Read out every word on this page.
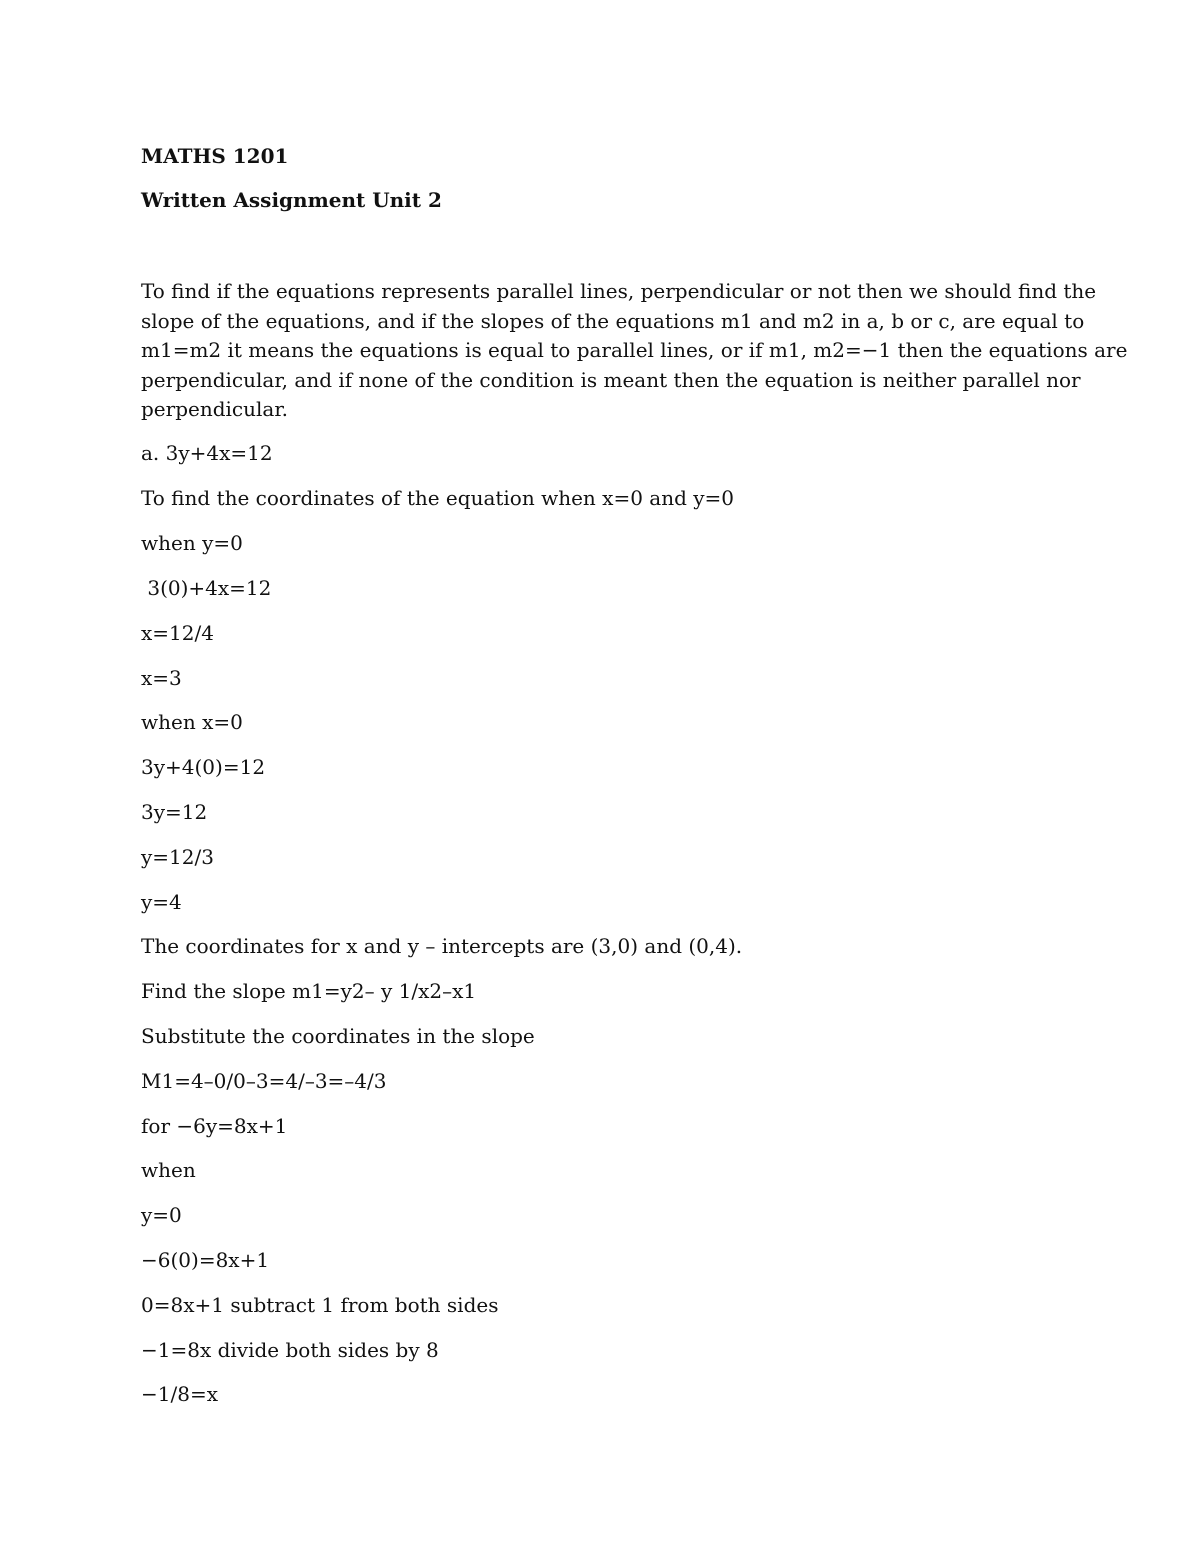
MATHS 1201

Written Assignment Unit 2

To find if the equations represents parallel lines, perpendicular or not then we should find the
slope of the equations, and if the slopes of the equations m1 and m2 in a, b or c, are equal to
m1=m2 it means the equations is equal to parallel lines, or if m1, m2=−1 then the equations are
perpendicular, and if none of the condition is meant then the equation is neither parallel nor
perpendicular.

a. 3y+4x=12

To find the coordinates of the equation when x=0 and y=0

when y=0

3(0)+4x=12

x=12/4

x=3

when x=0

3y+4(0)=12

3y=12

y=12/3

y=4

The coordinates for x and y – intercepts are (3,0) and (0,4).

Find the slope m1=y2– y 1/x2–x1

Substitute the coordinates in the slope

M1=4–0/0–3=4/–3=–4/3

for −6y=8x+1

when

y=0

−6(0)=8x+1

0=8x+1 subtract 1 from both sides

−1=8x divide both sides by 8

−1/8=x
